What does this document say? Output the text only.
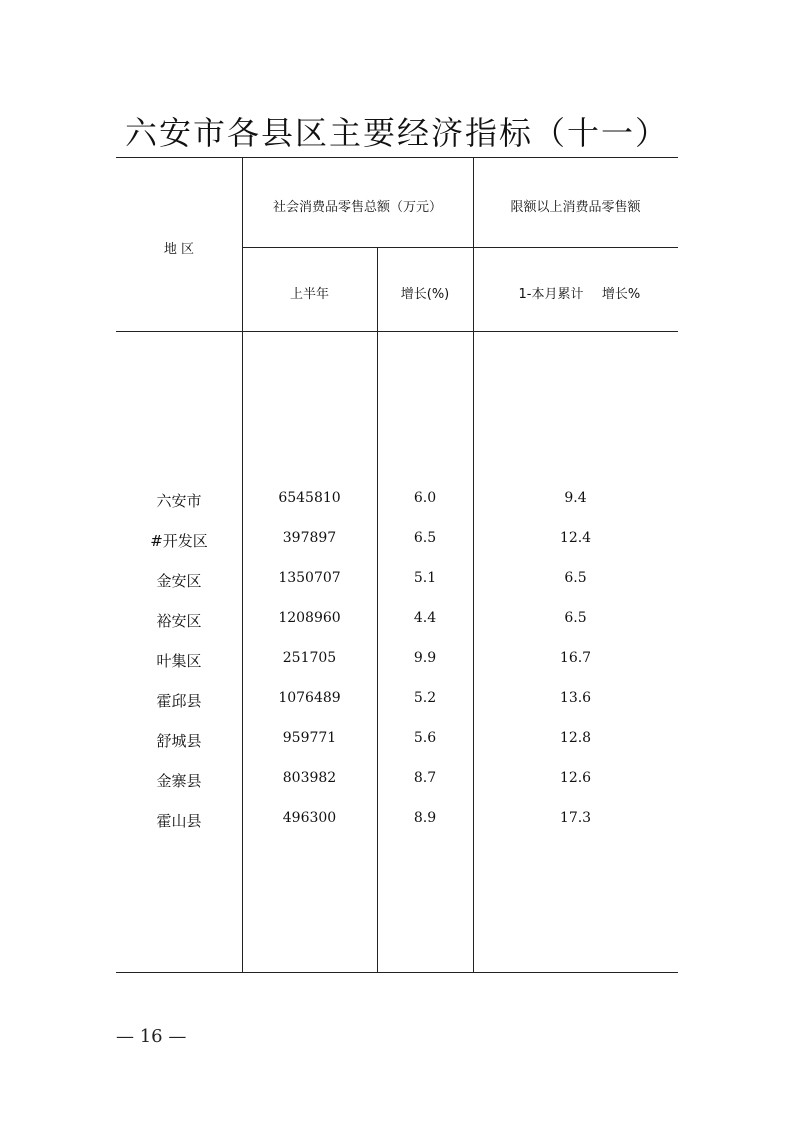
六安市各县区主要经济指标（十一）
地 区
社会消费品零售总额（万元）	限额以上消费品零售额
上半年	增长(%)	1-本月累计	增长%
六安市	6545810	6.0	9.4
#开发区	397897	6.5	12.4
金安区	1350707	5.1	6.5
裕安区	1208960	4.4	6.5
叶集区	251705	9.9	16.7
霍邱县	1076489	5.2	13.6
舒城县	959771	5.6	12.8
金寨县	803982	8.7	12.6
霍山县	496300	8.9	17.3
— 16 —
